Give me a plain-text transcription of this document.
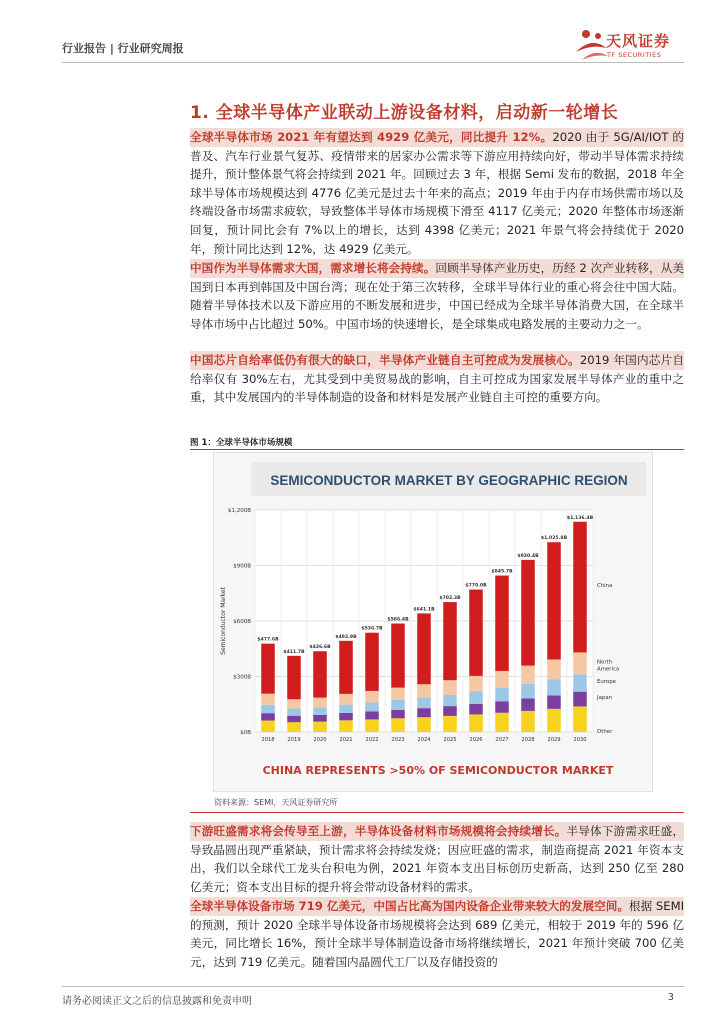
行业报告 | 行业研究周报	天风证券
TF SECURITIES
1. 全球半导体产业联动上游设备材料，启动新一轮增长
全球半导体市场 2021 年有望达到 4929 亿美元，同比提升 12%。2020 由于 5G/AI/IOT 的普及、汽车行业景气复苏、疫情带来的居家办公需求等下游应用持续向好，带动半导体需求持续提升，预计整体景气将会持续到 2021 年。回顾过去 3 年，根据 Semi 发布的数据，2018 年全球半导体市场规模达到 4776 亿美元是过去十年来的高点；2019 年由于内存市场供需市场以及终端设备市场需求疲软，导致整体半导体市场规模下滑至 4117 亿美元；2020 年整体市场逐渐回复，预计同比会有 7%以上的增长，达到 4398 亿美元；2021 年景气将会持续优于 2020 年，预计同比达到 12%，达 4929 亿美元。
中国作为半导体需求大国，需求增长将会持续。回顾半导体产业历史，历经 2 次产业转移，从美国到日本再到韩国及中国台湾；现在处于第三次转移，全球半导体行业的重心将会往中国大陆。随着半导体技术以及下游应用的不断发展和进步，中国已经成为全球半导体消费大国，在全球半导体市场中占比超过 50%。中国市场的快速增长，是全球集成电路发展的主要动力之一。
中国芯片自给率低仍有很大的缺口，半导体产业链自主可控成为发展核心。2019 年国内芯片自给率仅有 30%左右，尤其受到中美贸易战的影响，自主可控成为国家发展半导体产业的重中之重，其中发展国内的半导体制造的设备和材料是发展产业链自主可控的重要方向。
图 1：全球半导体市场规模
SEMICONDUCTOR MARKET BY GEOGRAPHIC REGION
$0B
$300B
$600B
$900B
$1,200B
Semiconductor Market	$477.6B
2018
$411.7B
2019
$436.6B
2020
$492.9B
2021
$536.7B
2022
$586.4B
2023
$641.1B
2024
$702.3B
2025
$770.0B
2026
$845.7B
2027
$930.4B
2028
$1,025.8B
2029
$1,136.4B
2030
China
North
America
Europe
Japan
Other
CHINA REPRESENTS >50% OF SEMICONDUCTOR MARKET
资料来源：SEMI，天风证券研究所
下游旺盛需求将会传导至上游，半导体设备材料市场规模将会持续增长。半导体下游需求旺盛，导致晶圆出现严重紧缺，预计需求将会持续发烧；因应旺盛的需求，制造商提高 2021 年资本支出，我们以全球代工龙头台积电为例，2021 年资本支出目标创历史新高，达到 250 亿至 280 亿美元；资本支出目标的提升将会带动设备材料的需求。
全球半导体设备市场 719 亿美元，中国占比高为国内设备企业带来较大的发展空间。根据 SEMI 的预测，预计 2020 全球半导体设备市场规模将会达到 689 亿美元，相较于 2019 年的 596 亿美元，同比增长 16%，预计全球半导体制造设备市场将继续增长，2021 年预计突破 700 亿美元，达到 719 亿美元。随着国内晶圆代工厂以及存储投资的
请务必阅读正文之后的信息披露和免责申明	3
